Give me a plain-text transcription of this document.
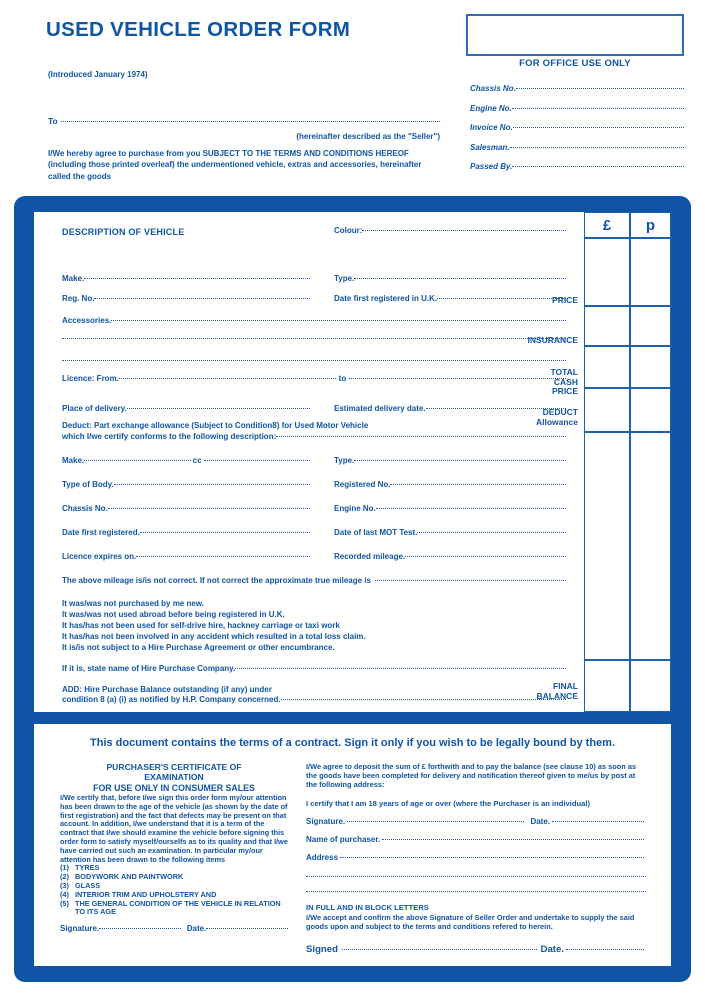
USED VEHICLE ORDER FORM
(Introduced January 1974)
To
(hereinafter described as the "Seller")
I/We hereby agree to purchase from you SUBJECT TO THE TERMS AND CONDITIONS HEREOF (including those printed overleaf) the undermentioned vehicle, extras and accessories, hereinafter called the goods
FOR OFFICE USE ONLY
Chassis No.
Engine No.
Invoice No.
Salesman.
Passed By.
DESCRIPTION OF VEHICLE	Colour:
Make.	Type.
Reg. No.	Date first registered in U.K.
Accessories.
Licence: From.	to
Place of delivery.	Estimated delivery date.
Deduct: Part exchange allowance (Subject to Condition8) for Used Motor Vehicle
which I/we certify conforms to the following description:
Make.	cc	Type.
Type of Body.	Registered No.
Chassis No.	Engine No.
Date first registered.	Date of last MOT Test.
Licence expires on.	Recorded mileage.
The above mileage is/is not correct. If not correct the approximate true mileage is
It was/was not purchased by me new.
It was/was not used abroad before being registered in U.K.
It has/has not been used for self-drive hire, hackney carriage or taxi work
It has/has not been involved in any accident which resulted in a total loss claim.
It is/is not subject to a Hire Purchase Agreement or other encumbrance.
If it is, state name of Hire Purchase Company.
ADD: Hire Purchase Balance outstanding (if any) under
condition 8 (a) (i) as notified by H.P. Company concerned.
NOTE: This final balance should be completed only when settlement figure, if any is known.
£	p
PRICE
INSURANCE
TOTAL
CASH
PRICE
DEDUCT
Allowance
FINAL
BALANCE
This document contains the terms of a contract. Sign it only if you wish to be legally bound by them.
PURCHASER'S CERTIFICATE OF
EXAMINATION
FOR USE ONLY IN CONSUMER SALES
I/We certify that, before I/we sign this order form my/our attention has been drawn to the age of the vehicle (as shown by the date of first registration) and the fact that defects may be present on that account. In addition, I/we understand that it is a term of the contract that I/we should examine the vehicle before signing this order form to satisfy myself/ourselfs as to its quality and that I/we have carried out such an examination. In particular my/our attention has been drawn to the following items
(1) TYRES
(2) BODYWORK AND PAINTWORK
(3) GLASS
(4) INTERIOR TRIM AND UPHOLSTERY AND
(5) THE GENERAL CONDITION OF THE VEHICLE IN RELATION TO ITS AGE
Signature.	Date.
I/We agree to deposit the sum of £ forthwith and to pay the balance (see clause 10) as soon as the goods have been completed for delivery and notification thereof given to me/us by post at the following address:
I certify that I am 18 years of age or over (where the Purchaser is an individual)
Signature.	Date.
Name of purchaser.
Address
IN FULL AND IN BLOCK LETTERS
I/We accept and confirm the above Signature of Seller Order and undertake to supply the said goods upon and subject to the terms and conditions refered to herein.
Signed	Date.
